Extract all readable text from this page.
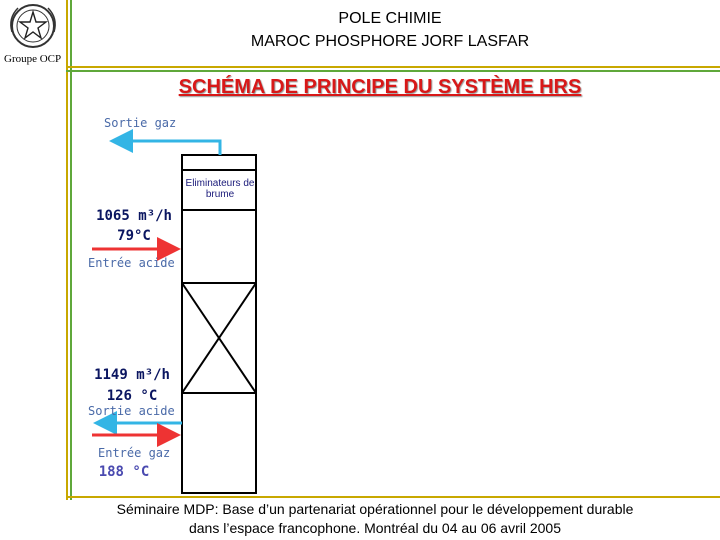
Groupe OCP
POLE CHIMIE
MAROC PHOSPHORE JORF LASFAR
SCHÉMA DE PRINCIPE DU SYSTÈME HRS
Sortie gaz
Eliminateurs de brume
1065 m³/h
79°C
Entrée acide
1149 m³/h
126 °C
Sortie acide
Entrée gaz
188 °C
Séminaire MDP: Base d’un partenariat opérationnel pour le développement durable
dans l’espace francophone. Montréal du 04 au 06 avril 2005
